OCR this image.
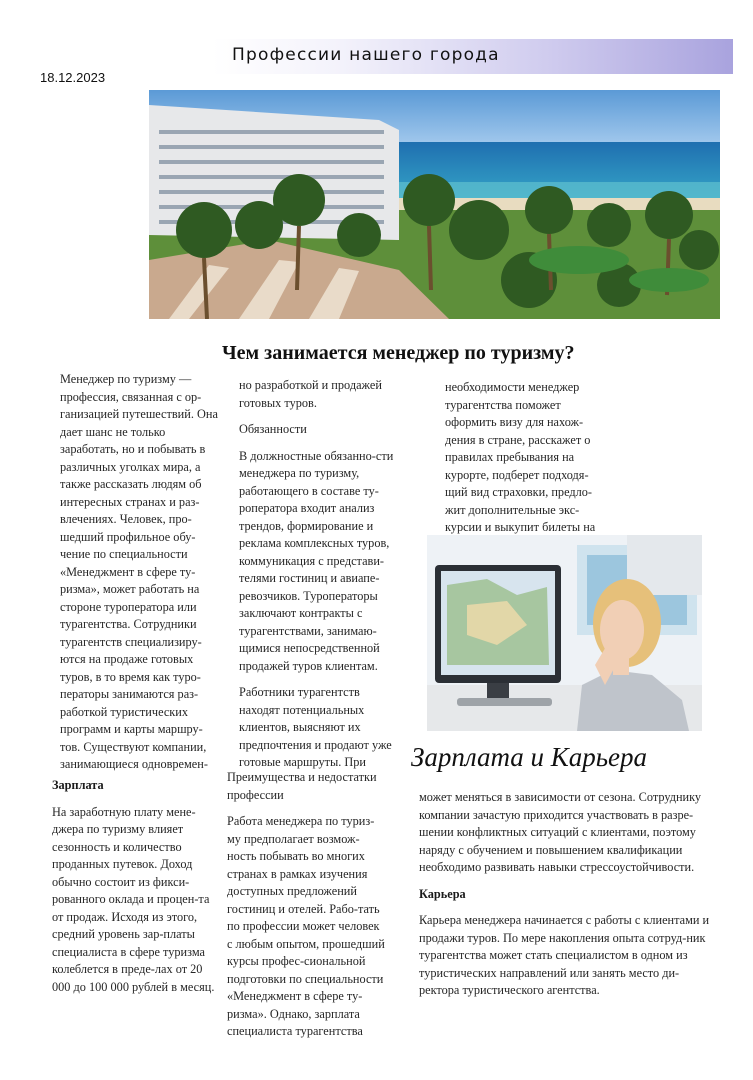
Профессии нашего города
18.12.2023
Чем занимается менеджер по туризму?

Менеджер по туризму — профессия, связанная с ор-ганизацией путешествий. Она дает шанс не только заработать, но и побывать в различных уголках мира, а также рассказать людям об интересных странах и раз-влечениях. Человек, про-шедший профильное обу-чение по специальности «Менеджмент в сфере ту-ризма», может работать на стороне туроператора или турагентства. Сотрудники турагентств специализиру-ются на продаже готовых туров, в то время как туро-ператоры занимаются раз-работкой туристических программ и карты маршру-тов. Существуют компании, занимающиеся одновремен-

но разработкой и продажей готовых туров.

Обязанности

В должностные обязанно-сти менеджера по туризму, работающего в составе ту-роператора входит анализ трендов, формирование и реклама комплексных туров, коммуникация с представи-телями гостиниц и авиапе-ревозчиков. Туроператоры заключают контракты с турагентствами, занимаю-щимися непосредственной продажей туров клиентам.

Работники турагентств находят потенциальных клиентов, выясняют их предпочтения и продают уже готовые маршруты. При

необходимости менеджер турагентства поможет оформить визу для нахож-дения в стране, расскажет о правилах пребывания на курорте, подберет подходя-щий вид страховки, предло-жит дополнительные экс-курсии и выкупит билеты на

Зарплата и Карьера

Зарплата

На заработную плату мене-джера по туризму влияет сезонность и количество проданных путевок. Доход обычно состоит из фикси-рованного оклада и процен-та от продаж. Исходя из этого, средний уровень зар-платы специалиста в сфере туризма колеблется в преде-лах от 20 000 до 100 000 рублей в месяц.

Преимущества и недостатки профессии

Работа менеджера по туриз-му предполагает возмож-ность побывать во многих странах в рамках изучения доступных предложений гостиниц и отелей. Рабо-тать по профессии может человек с любым опытом, прошедший курсы профес-сиональной подготовки по специальности «Менеджмент в сфере ту-ризма». Однако, зарплата специалиста турагентства

может меняться в зависимости от сезона. Сотруднику компании зачастую приходится участвовать в разре-шении конфликтных ситуаций с клиентами, поэтому наряду с обучением и повышением квалификации необходимо развивать навыки стрессоустойчивости.

Карьера

Карьера менеджера начинается с работы с клиентами и продажи туров. По мере накопления опыта сотруд-ник турагентства может стать специалистом в одном из туристических направлений или занять место ди-ректора туристического агентства.
